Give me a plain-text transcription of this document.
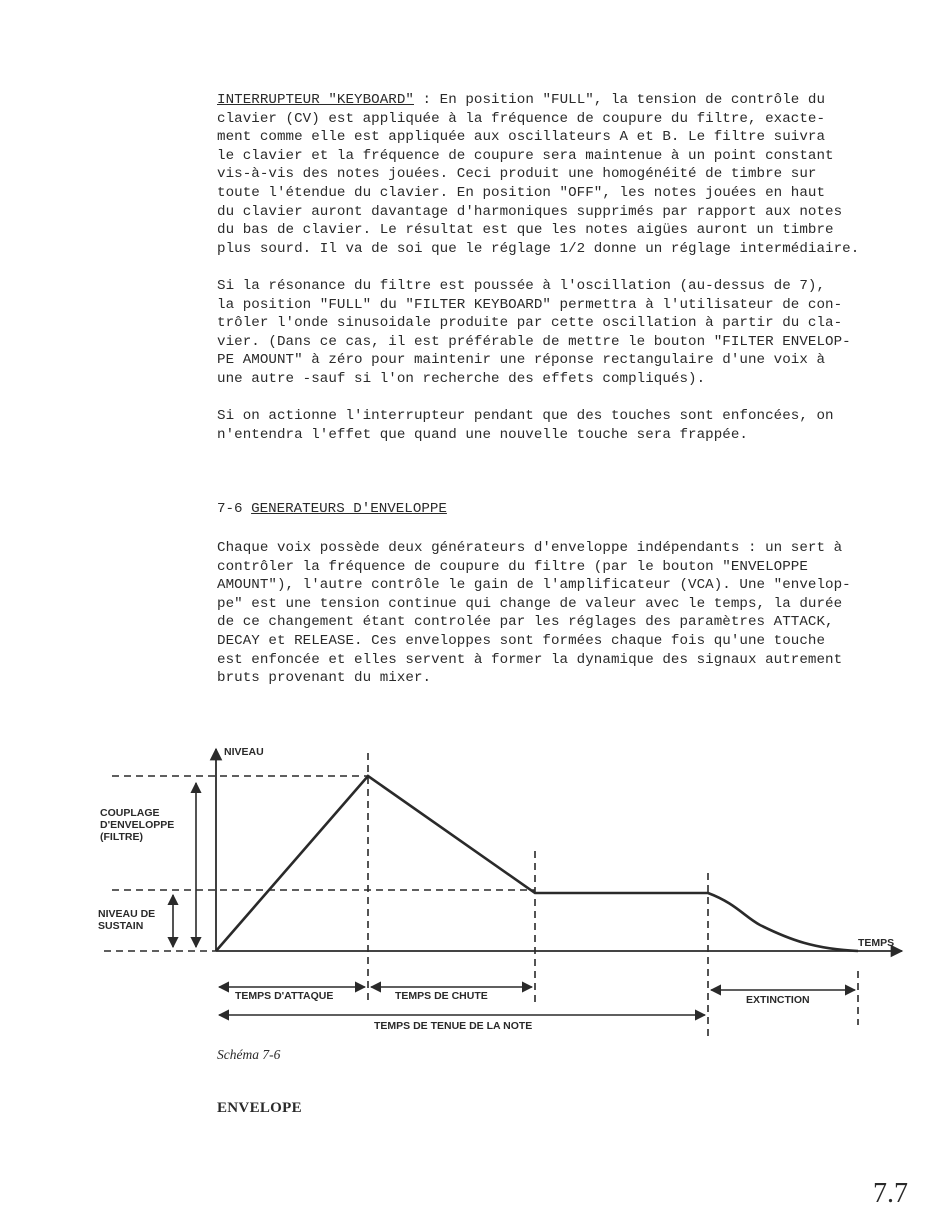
INTERRUPTEUR "KEYBOARD" : En position "FULL", la tension de contrôle du
clavier (CV) est appliquée à la fréquence de coupure du filtre, exacte-
ment comme elle est appliquée aux oscillateurs A et B. Le filtre suivra
le clavier et la fréquence de coupure sera maintenue à un point constant
vis-à-vis des notes jouées. Ceci produit une homogénéité de timbre sur
toute l'étendue du clavier. En position "OFF", les notes jouées en haut
du clavier auront davantage d'harmoniques supprimés par rapport aux notes
du bas de clavier. Le résultat est que les notes aigües auront un timbre
plus sourd. Il va de soi que le réglage 1/2 donne un réglage intermédiaire.
Si la résonance du filtre est poussée à l'oscillation (au-dessus de 7),
la position "FULL" du "FILTER KEYBOARD" permettra à l'utilisateur de con-
trôler l'onde sinusoidale produite par cette oscillation à partir du cla-
vier. (Dans ce cas, il est préférable de mettre le bouton "FILTER ENVELOP-
PE AMOUNT" à zéro pour maintenir une réponse rectangulaire d'une voix à
une autre -sauf si l'on recherche des effets compliqués).
Si on actionne l'interrupteur pendant que des touches sont enfoncées, on
n'entendra l'effet que quand une nouvelle touche sera frappée.
7-6 GENERATEURS D'ENVELOPPE
Chaque voix possède deux générateurs d'enveloppe indépendants : un sert à
contrôler la fréquence de coupure du filtre (par le bouton "ENVELOPPE
AMOUNT"), l'autre contrôle le gain de l'amplificateur (VCA). Une "envelop-
pe" est une tension continue qui change de valeur avec le temps, la durée
de ce changement étant controlée par les réglages des paramètres ATTACK,
DECAY et RELEASE. Ces enveloppes sont formées chaque fois qu'une touche
est enfoncée et elles servent à former la dynamique des signaux autrement
bruts provenant du mixer.
NIVEAU
TEMPS
COUPLAGE D'ENVELOPPE (FILTRE)
NIVEAU DE SUSTAIN
TEMPS D'ATTAQUE	TEMPS DE CHUTE	EXTINCTION
TEMPS DE TENUE DE LA NOTE
Schéma 7-6
ENVELOPE
7.7
